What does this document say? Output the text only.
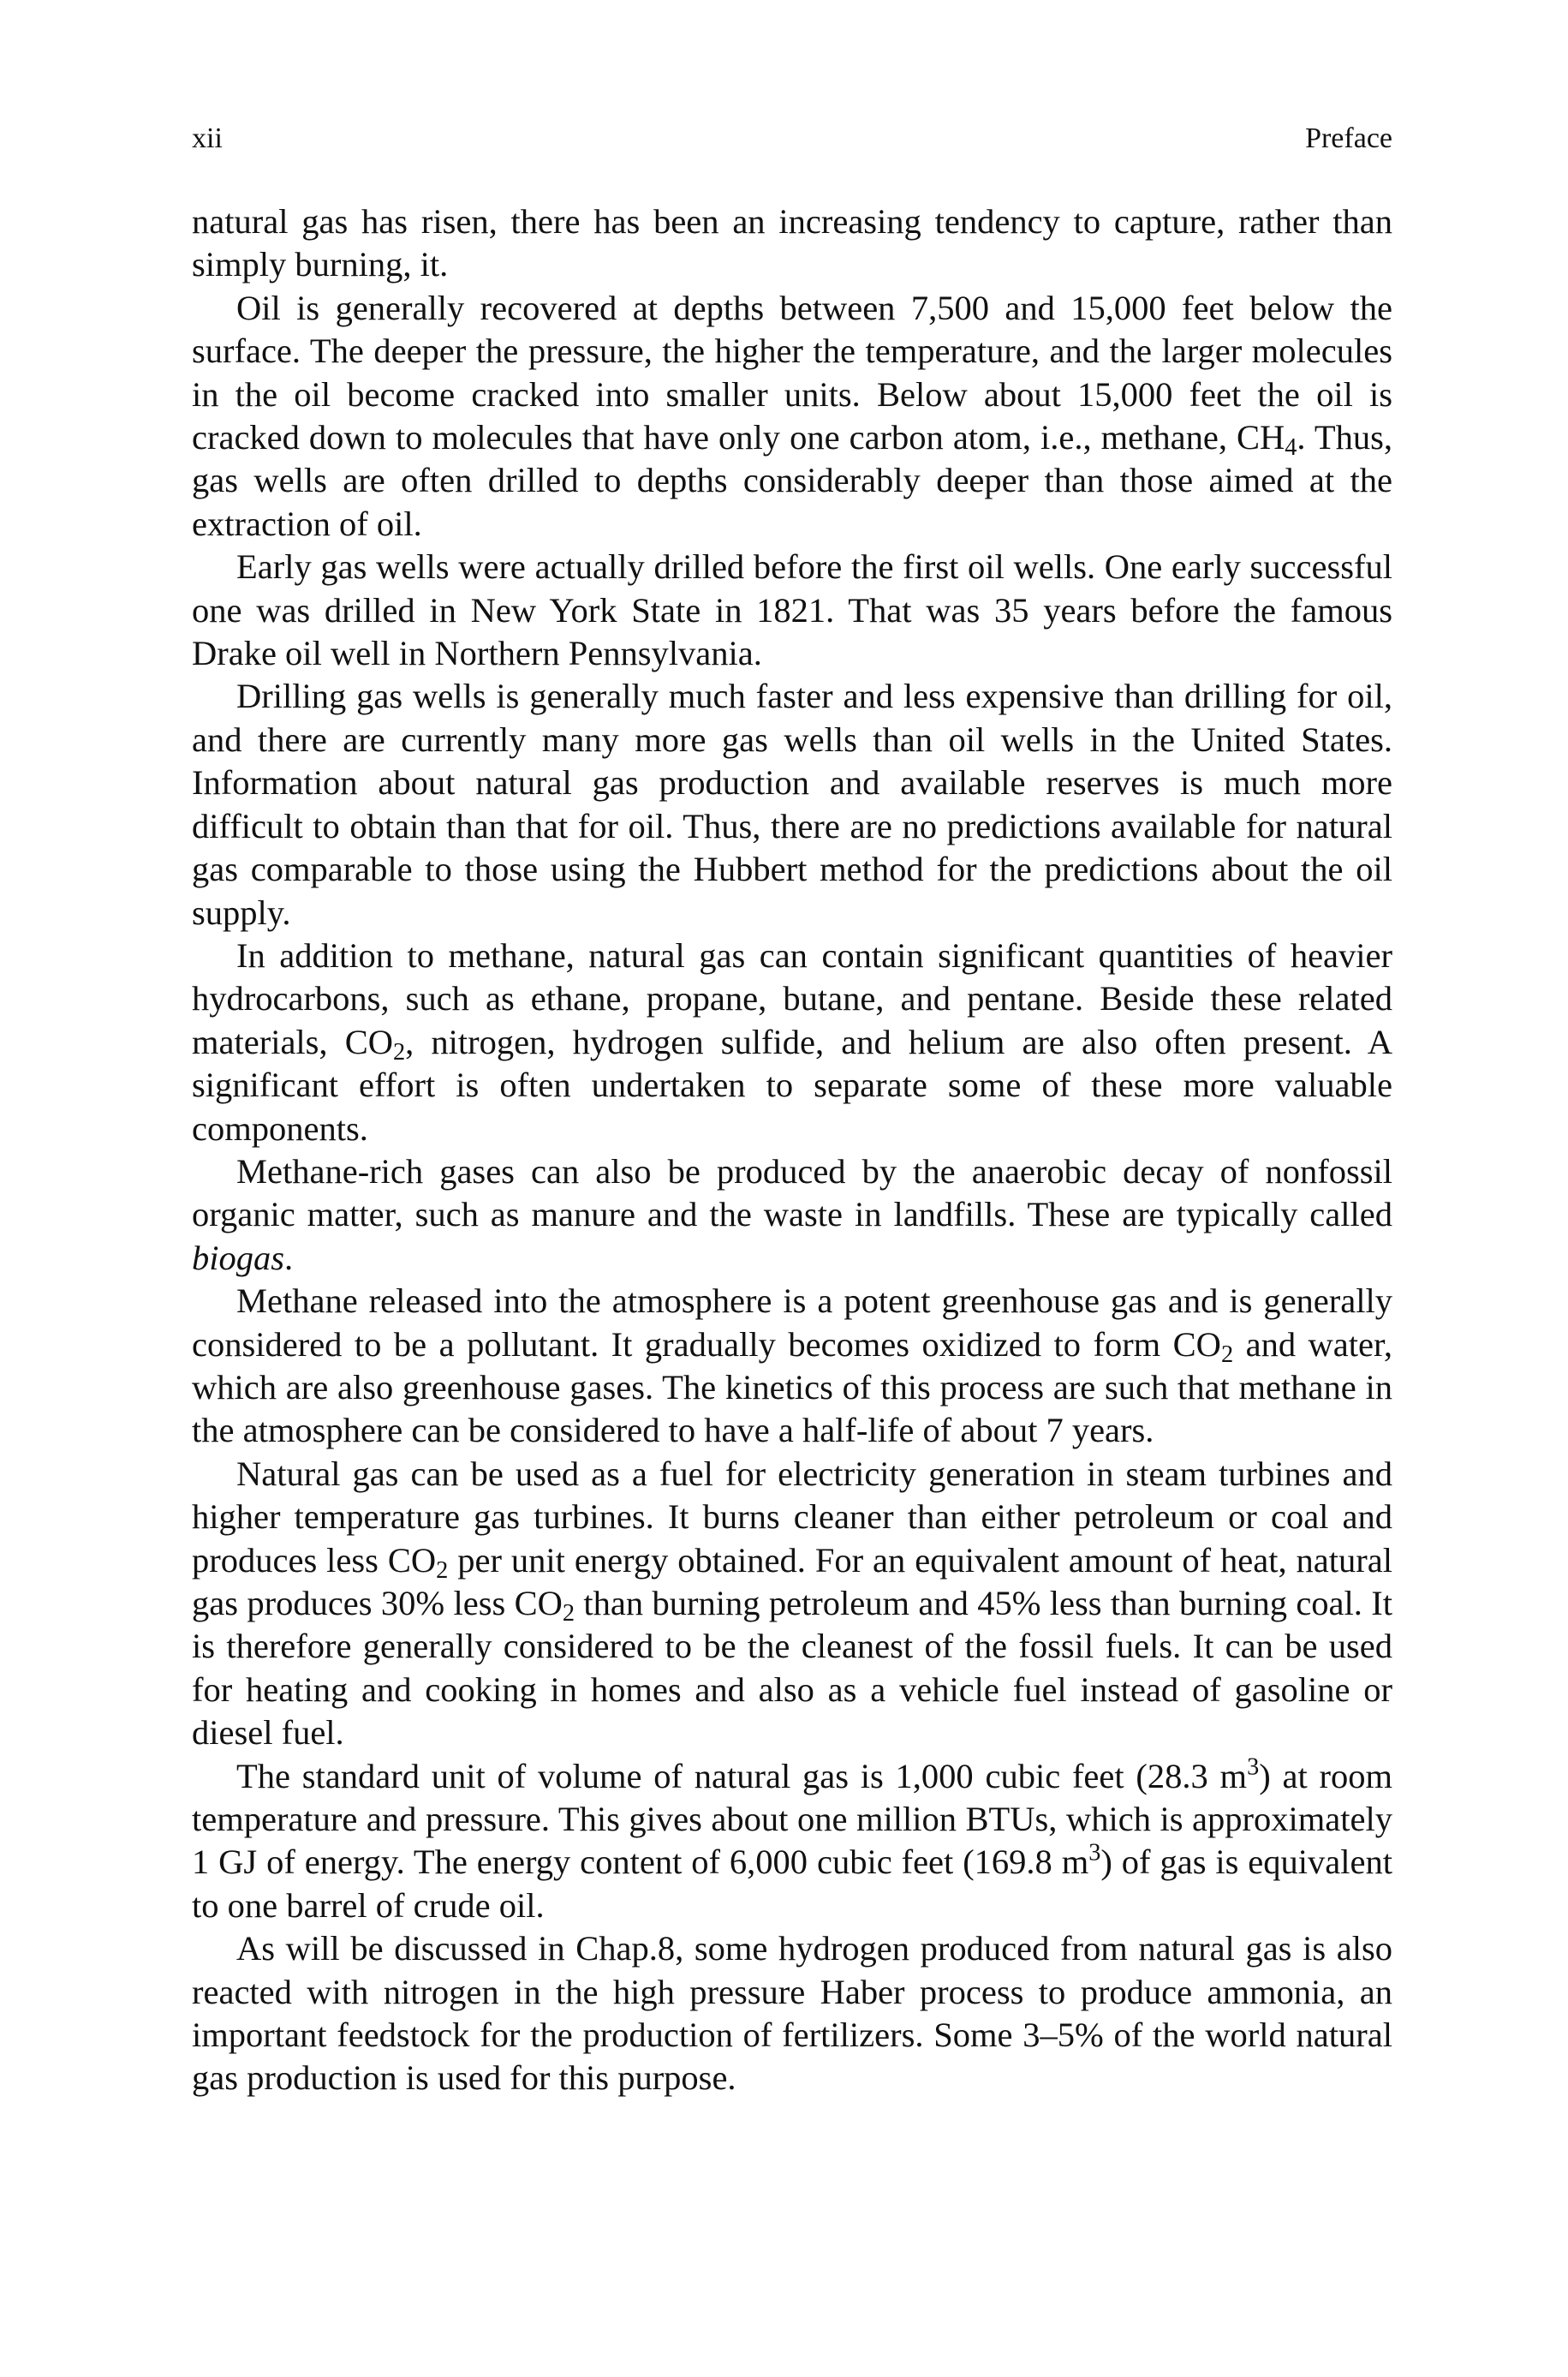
xii	Preface

natural gas has risen, there has been an increasing tendency to capture, rather than simply burning, it.

Oil is generally recovered at depths between 7,500 and 15,000 feet below the surface. The deeper the pressure, the higher the temperature, and the larger molecules in the oil become cracked into smaller units. Below about 15,000 feet the oil is cracked down to molecules that have only one carbon atom, i.e., methane, $CH_4$. Thus, gas wells are often drilled to depths considerably deeper than those aimed at the extraction of oil.

Early gas wells were actually drilled before the first oil wells. One early successful one was drilled in New York State in 1821. That was 35 years before the famous Drake oil well in Northern Pennsylvania.

Drilling gas wells is generally much faster and less expensive than drilling for oil, and there are currently many more gas wells than oil wells in the United States. Information about natural gas production and available reserves is much more difficult to obtain than that for oil. Thus, there are no predictions available for natural gas comparable to those using the Hubbert method for the predictions about the oil supply.

In addition to methane, natural gas can contain significant quantities of heavier hydrocarbons, such as ethane, propane, butane, and pentane. Beside these related materials, $CO_2$, nitrogen, hydrogen sulfide, and helium are also often present. A significant effort is often undertaken to separate some of these more valuable components.

Methane-rich gases can also be produced by the anaerobic decay of nonfossil organic matter, such as manure and the waste in landfills. These are typically called biogas.

Methane released into the atmosphere is a potent greenhouse gas and is generally considered to be a pollutant. It gradually becomes oxidized to form $CO_2$ and water, which are also greenhouse gases. The kinetics of this process are such that methane in the atmosphere can be considered to have a half-life of about 7 years.

Natural gas can be used as a fuel for electricity generation in steam turbines and higher temperature gas turbines. It burns cleaner than either petroleum or coal and produces less $CO_2$ per unit energy obtained. For an equivalent amount of heat, natural gas produces 30% less $CO_2$ than burning petroleum and 45% less than burning coal. It is therefore generally considered to be the cleanest of the fossil fuels. It can be used for heating and cooking in homes and also as a vehicle fuel instead of gasoline or diesel fuel.

The standard unit of volume of natural gas is 1,000 cubic feet (28.3 $m^3$) at room temperature and pressure. This gives about one million BTUs, which is approximately 1 GJ of energy. The energy content of 6,000 cubic feet (169.8 $m^3$) of gas is equivalent to one barrel of crude oil.

As will be discussed in Chap.8, some hydrogen produced from natural gas is also reacted with nitrogen in the high pressure Haber process to produce ammonia, an important feedstock for the production of fertilizers. Some 3–5% of the world natural gas production is used for this purpose.
